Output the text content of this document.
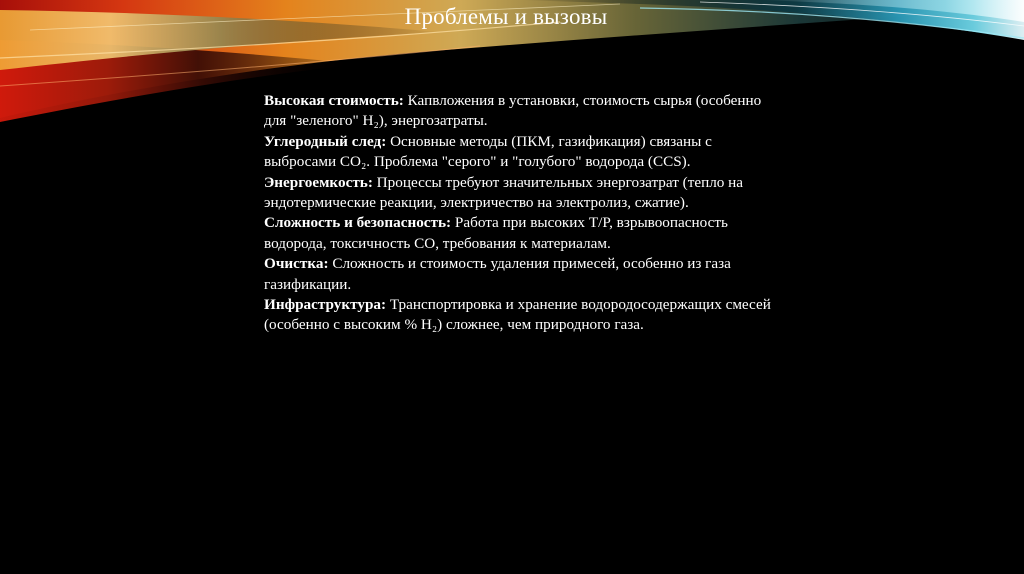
Проблемы и вызовы

Высокая стоимость: Капвложения в установки, стоимость сырья (особенно для "зеленого" H₂), энергозатраты.

Углеродный след: Основные методы (ПКМ, газификация) связаны с выбросами CO₂. Проблема "серого" и "голубого" водорода (CCS).

Энергоемкость: Процессы требуют значительных энергозатрат (тепло на эндотермические реакции, электричество на электролиз, сжатие).

Сложность и безопасность: Работа при высоких T/P, взрывоопасность водорода, токсичность CO, требования к материалам.

Очистка: Сложность и стоимость удаления примесей, особенно из газа газификации.

Инфраструктура: Транспортировка и хранение водородосодержащих смесей (особенно с высоким % H₂) сложнее, чем природного газа.
